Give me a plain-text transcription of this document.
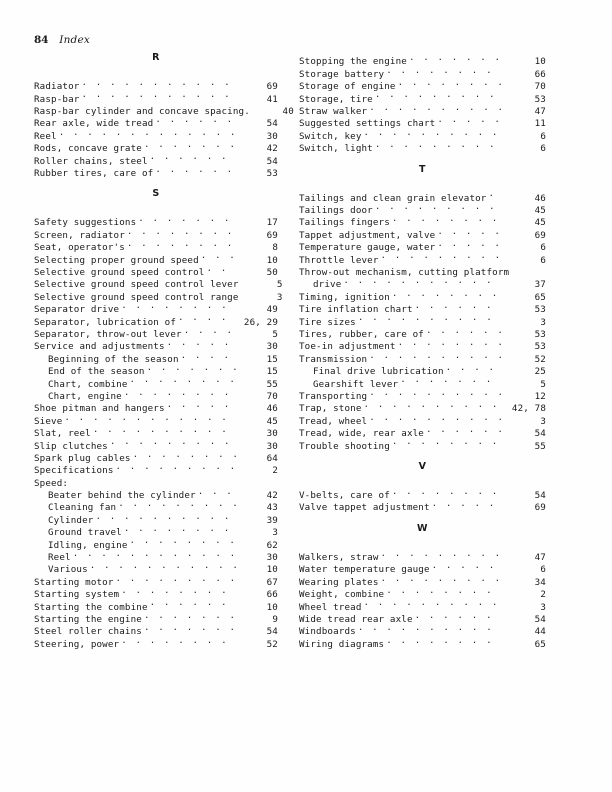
84 Index
R
Radiator . . .	69
Rasp-bar . . .	41
Rasp-bar cylinder and concave spacing.	40
Rear axle, wide tread . . .	54
Reel . . .	30
Rods, concave grate . . .	42
Roller chains, steel . . .	54
Rubber tires, care of . . .	53
S
Safety suggestions . . .	17
Screen, radiator . . .	69
Seat, operator's . . .	8
Selecting proper ground speed . . .	10
Selective ground speed control . . .	50
Selective ground speed control lever	5
Selective ground speed control range	3
Separator drive . . .	49
Separator, lubrication of . . .	26, 29
Separator, throw-out lever . . .	5
Service and adjustments . . .	30
Beginning of the season . . .	15
End of the season . . .	15
Chart, combine . . .	55
Chart, engine . . .	70
Shoe pitman and hangers . . .	46
Sieve . . .	45
Slat, reel . . .	30
Slip clutches . . .	30
Spark plug cables . . .	64
Specifications . . .	2
Speed:
Beater behind the cylinder . . .	42
Cleaning fan . . .	43
Cylinder . . .	39
Ground travel . . .	3
Idling, engine . . .	62
Reel . . .	30
Various . . .	10
Starting motor . . .	67
Starting system . . .	66
Starting the combine . . .	10
Starting the engine . . .	9
Steel roller chains . . .	54
Steering, power . . .	52
Stopping the engine . . .	10
Storage battery . . .	66
Storage of engine . . .	70
Storage, tire . . .	53
Straw walker . . .	47
Suggested settings chart . . .	11
Switch, key . . .	6
Switch, light . . .	6
T
Tailings and clean grain elevator . . .	46
Tailings door . . .	45
Tailings fingers . . .	45
Tappet adjustment, valve . . .	69
Temperature gauge, water . . .	6
Throttle lever . . .	6
Throw-out mechanism, cutting platform
drive . . .	37
Timing, ignition . . .	65
Tire inflation chart . . .	53
Tire sizes . . .	3
Tires, rubber, care of . . .	53
Toe-in adjustment . . .	53
Transmission . . .	52
Final drive lubrication . . .	25
Gearshift lever . . .	5
Transporting . . .	12
Trap, stone . . .	42, 78
Tread, wheel . . .	3
Tread, wide, rear axle . . .	54
Trouble shooting . . .	55
V
V-belts, care of . . .	54
Valve tappet adjustment . . .	69
W
Walkers, straw . . .	47
Water temperature gauge . . .	6
Wearing plates . . .	34
Weight, combine . . .	2
Wheel tread . . .	3
Wide tread rear axle . . .	54
Windboards . . .	44
Wiring diagrams . . .	65
